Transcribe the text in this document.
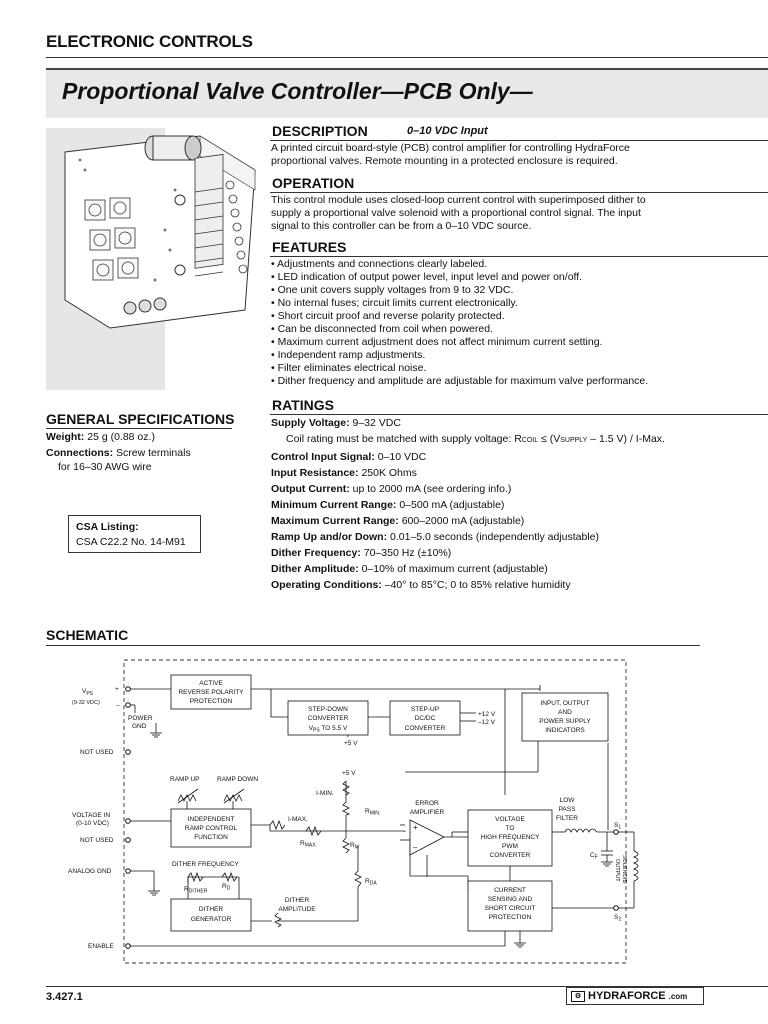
ELECTRONIC CONTROLS
Proportional Valve Controller—PCB Only—
DESCRIPTION	0–10 VDC Input
A printed circuit board-style (PCB) control amplifier for controlling HydraForce
proportional valves. Remote mounting in a protected enclosure is required.
OPERATION
This control module uses closed-loop current control with superimposed dither to
supply a proportional valve solenoid with a proportional control signal. The input
signal to this controller can be from a 0–10 VDC source.
FEATURES
• Adjustments and connections clearly labeled.
• LED indication of output power level, input level and power on/off.
• One unit covers supply voltages from 9 to 32 VDC.
• No internal fuses; circuit limits current electronically.
• Short circuit proof and reverse polarity protected.
• Can be disconnected from coil when powered.
• Maximum current adjustment does not affect minimum current setting.
• Independent ramp adjustments.
• Filter eliminates electrical noise.
• Dither frequency and amplitude are adjustable for maximum valve performance.
RATINGS
Supply Voltage: 9–32 VDC
Coil rating must be matched with supply voltage: RCOIL ≤ (VSUPPLY – 1.5 V) / I-Max.
Control Input Signal: 0–10 VDC
Input Resistance: 250K Ohms
Output Current: up to 2000 mA (see ordering info.)
Minimum Current Range: 0–500 mA (adjustable)
Maximum Current Range: 600–2000 mA (adjustable)
Ramp Up and/or Down: 0.01–5.0 seconds (independently adjustable)
Dither Frequency: 70–350 Hz (±10%)
Dither Amplitude: 0–10% of maximum current (adjustable)
Operating Conditions: –40° to 85°C; 0 to 85% relative humidity
GENERAL SPECIFICATIONS
Weight: 25 g (0.88 oz.)
Connections: Screw terminals
for 16–30 AWG wire
CSA Listing:
CSA C22.2 No. 14-M91
SCHEMATIC
$V_{PS}$
(9-32 VDC)
+
–
POWER
GND
NOT USED
VOLTAGE IN
(0-10 VDC)
NOT USED
ANALOG GND
ENABLE
ACTIVE
REVERSE POLARITY
PROTECTION
STEP-DOWN
CONVERTER
$V_{PS}$ TO 5.5 V
+5 V
STEP-UP
DC/DC
CONVERTER
+12 V
–12 V
INPUT, OUTPUT
AND
POWER SUPPLY
INDICATORS
RAMP UP	RAMP DOWN
INDEPENDENT
RAMP CONTROL
FUNCTION
I-MAX.
$R_{MAX.}$
+5 V
I-MIN.
$R_{MIN.}$
$R_M$
$R_{DA}$
ERROR
AMPLIFIER
+
–
VOLTAGE
TO
HIGH FREQUENCY
PWM
CONVERTER
LOW
PASS
FILTER
$C_F$
$S_1$
$S_2$
SOLENOID
OUTPUT
CURRENT
SENSING AND
SHORT CIRCUIT
PROTECTION
DITHER FREQUENCY
$R_{DITHER}$
$R_D$
DITHER
GENERATOR
DITHER
AMPLITUDE
3.427.1	⚙ HYDRAFORCE .com
